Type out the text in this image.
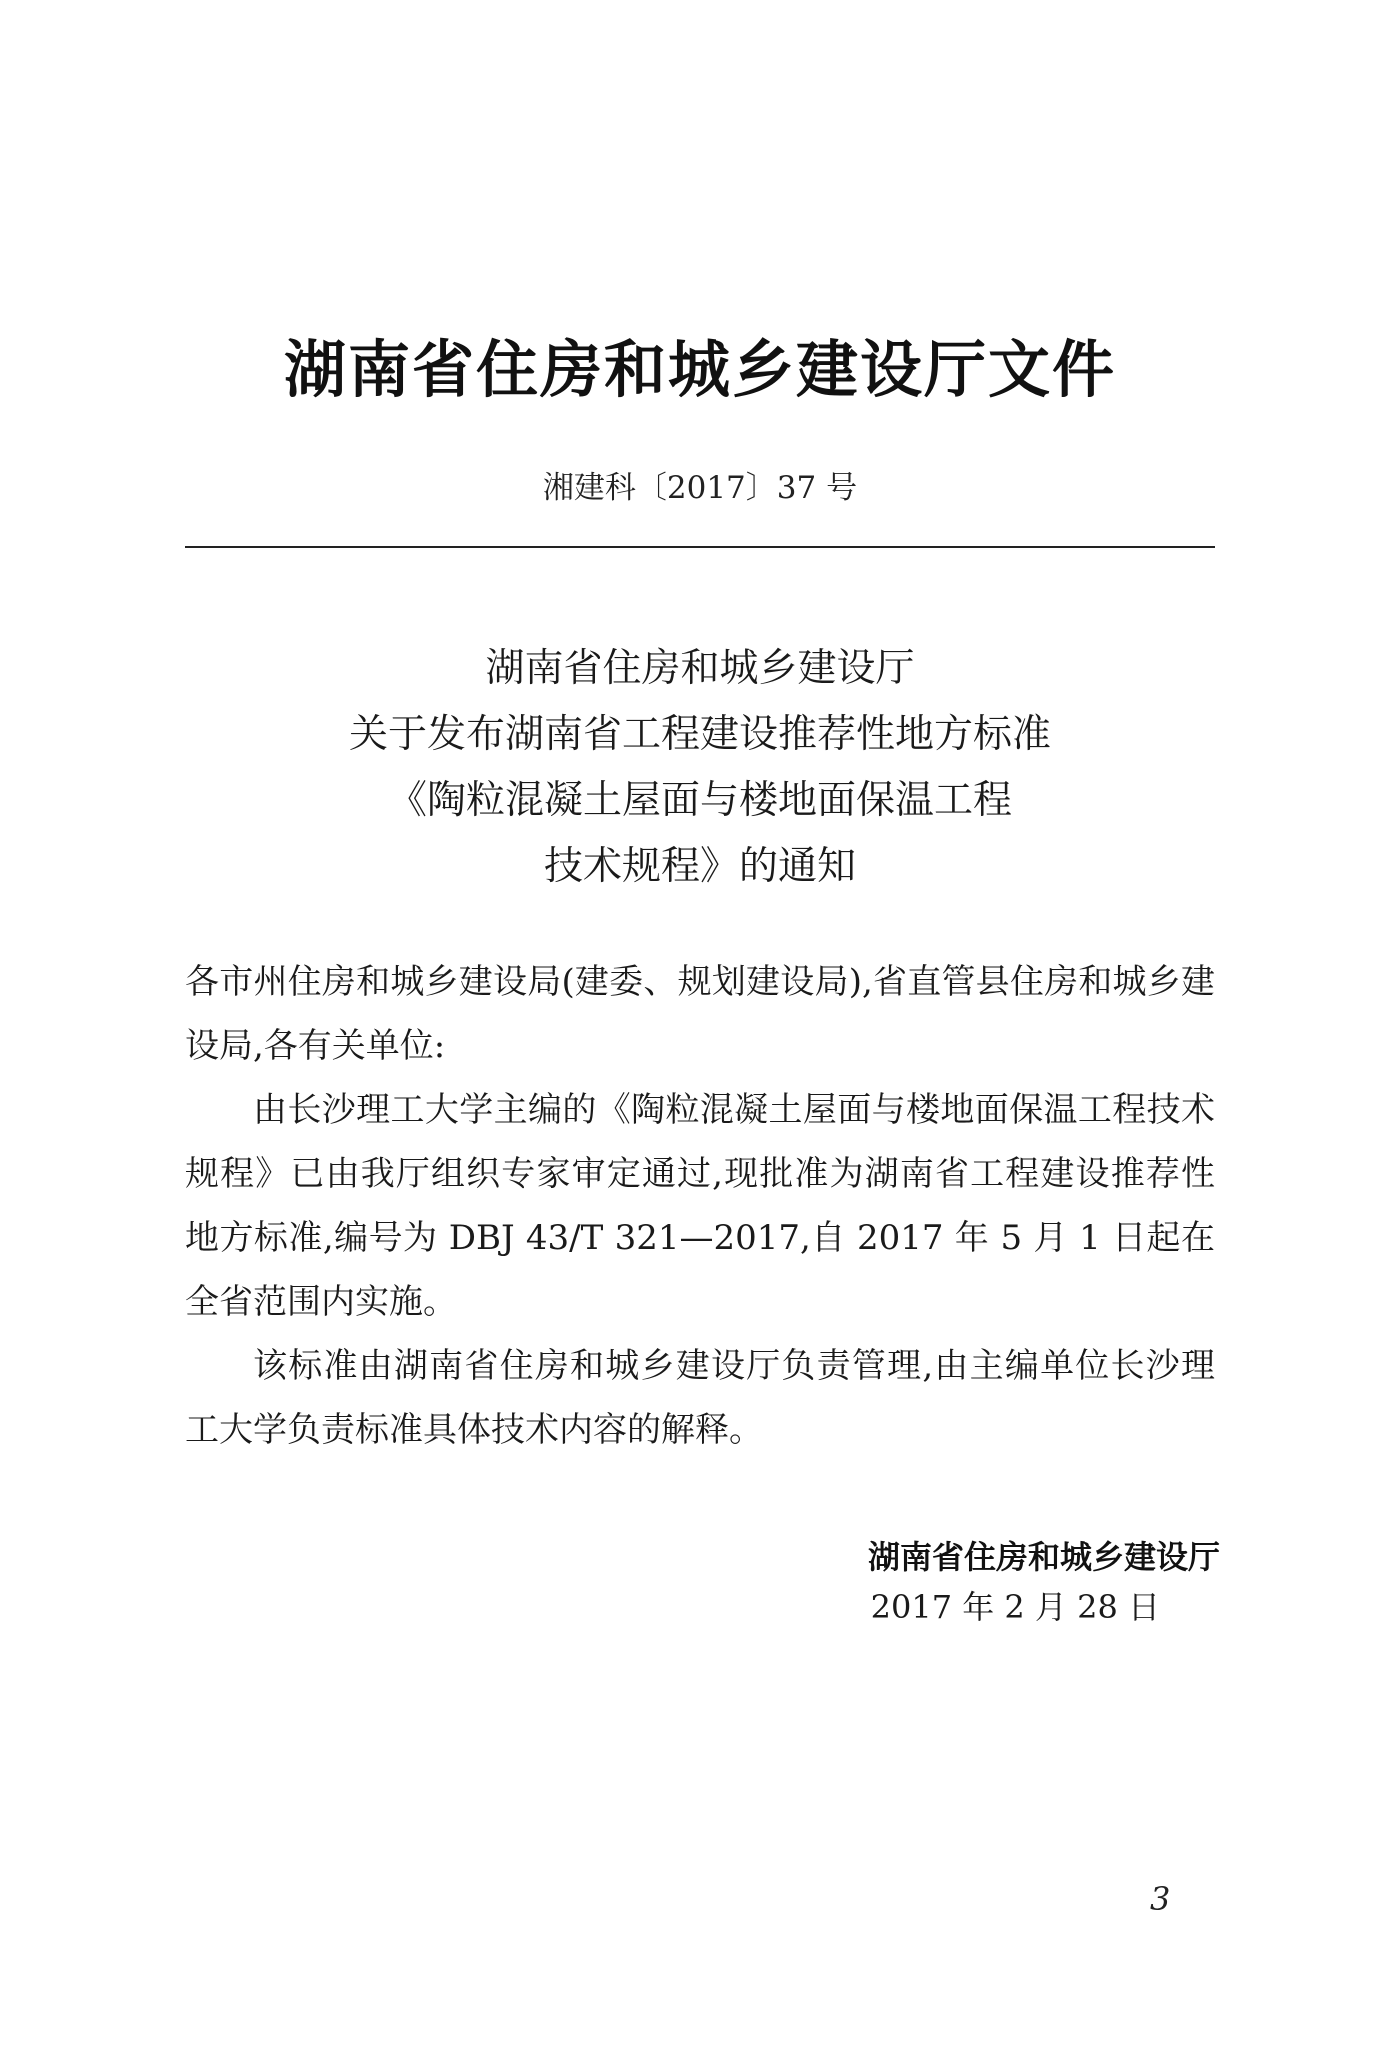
湖南省住房和城乡建设厅文件
湘建科〔2017〕37 号
湖南省住房和城乡建设厅
关于发布湖南省工程建设推荐性地方标准
《陶粒混凝土屋面与楼地面保温工程
技术规程》的通知

各市州住房和城乡建设局(建委、规划建设局),省直管县住房和城乡建设局,各有关单位:

由长沙理工大学主编的《陶粒混凝土屋面与楼地面保温工程技术规程》已由我厅组织专家审定通过,现批准为湖南省工程建设推荐性地方标准,编号为 DBJ 43/T 321—2017,自 2017 年 5 月 1 日起在全省范围内实施。

该标准由湖南省住房和城乡建设厅负责管理,由主编单位长沙理工大学负责标准具体技术内容的解释。

湖南省住房和城乡建设厅
2017 年 2 月 28 日
3
